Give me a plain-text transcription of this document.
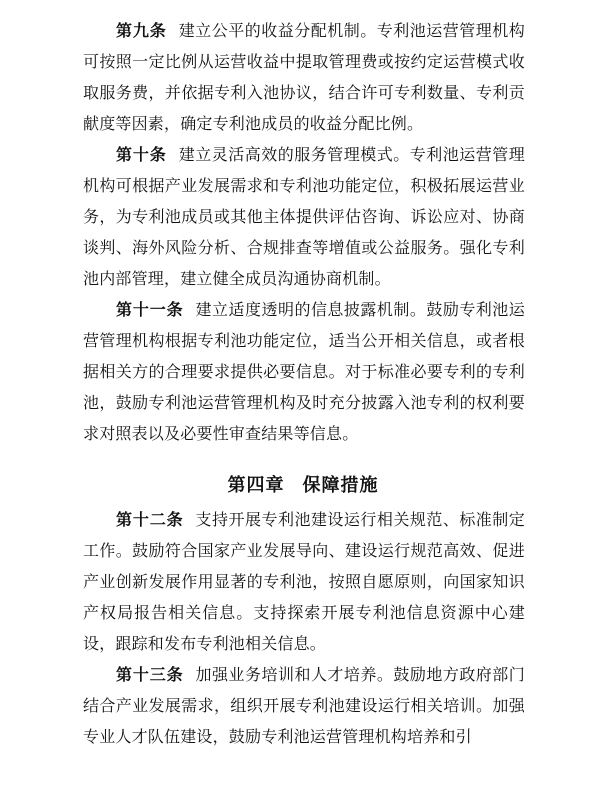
第九条 建立公平的收益分配机制。专利池运营管理机构可按照一定比例从运营收益中提取管理费或按约定运营模式收取服务费，并依据专利入池协议，结合许可专利数量、专利贡献度等因素，确定专利池成员的收益分配比例。

第十条 建立灵活高效的服务管理模式。专利池运营管理机构可根据产业发展需求和专利池功能定位，积极拓展运营业务，为专利池成员或其他主体提供评估咨询、诉讼应对、协商谈判、海外风险分析、合规排查等增值或公益服务。强化专利池内部管理，建立健全成员沟通协商机制。

第十一条 建立适度透明的信息披露机制。鼓励专利池运营管理机构根据专利池功能定位，适当公开相关信息，或者根据相关方的合理要求提供必要信息。对于标准必要专利的专利池，鼓励专利池运营管理机构及时充分披露入池专利的权利要求对照表以及必要性审查结果等信息。

第四章 保障措施

第十二条 支持开展专利池建设运行相关规范、标准制定工作。鼓励符合国家产业发展导向、建设运行规范高效、促进产业创新发展作用显著的专利池，按照自愿原则，向国家知识产权局报告相关信息。支持探索开展专利池信息资源中心建设，跟踪和发布专利池相关信息。

第十三条 加强业务培训和人才培养。鼓励地方政府部门结合产业发展需求，组织开展专利池建设运行相关培训。加强专业人才队伍建设，鼓励专利池运营管理机构培养和引
